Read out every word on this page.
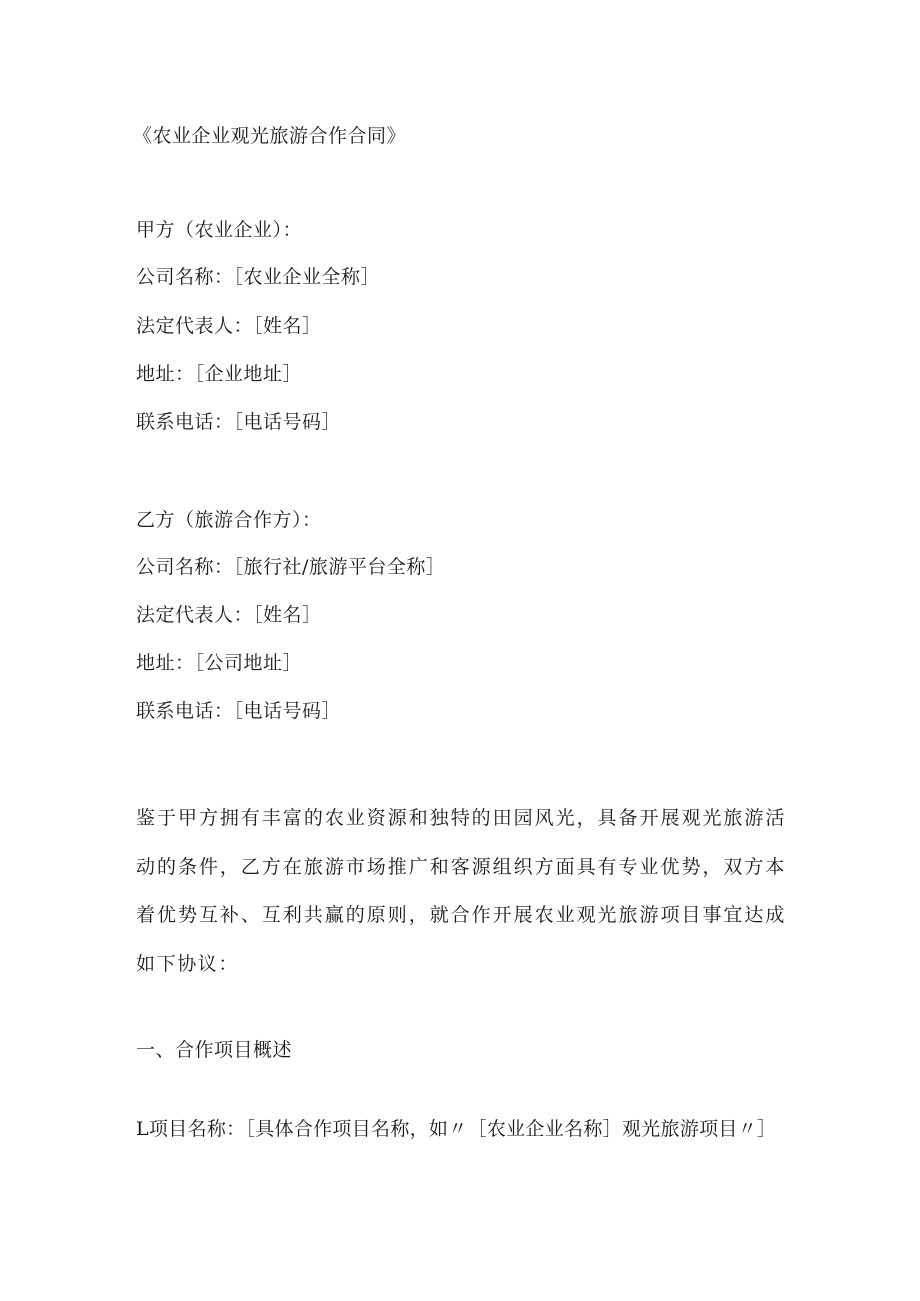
《农业企业观光旅游合作合同》
甲方（农业企业）：
公司名称：［农业企业全称］
法定代表人：［姓名］
地址：［企业地址］
联系电话：［电话号码］
乙方（旅游合作方）：
公司名称：［旅行社/旅游平台全称］
法定代表人：［姓名］
地址：［公司地址］
联系电话：［电话号码］
鉴于甲方拥有丰富的农业资源和独特的田园风光，具备开展观光旅游活动的条件，乙方在旅游市场推广和客源组织方面具有专业优势，双方本着优势互补、互利共赢的原则，就合作开展农业观光旅游项目事宜达成如下协议：
一、合作项目概述
L项目名称：［具体合作项目名称，如〃［农业企业名称］观光旅游项目〃］
